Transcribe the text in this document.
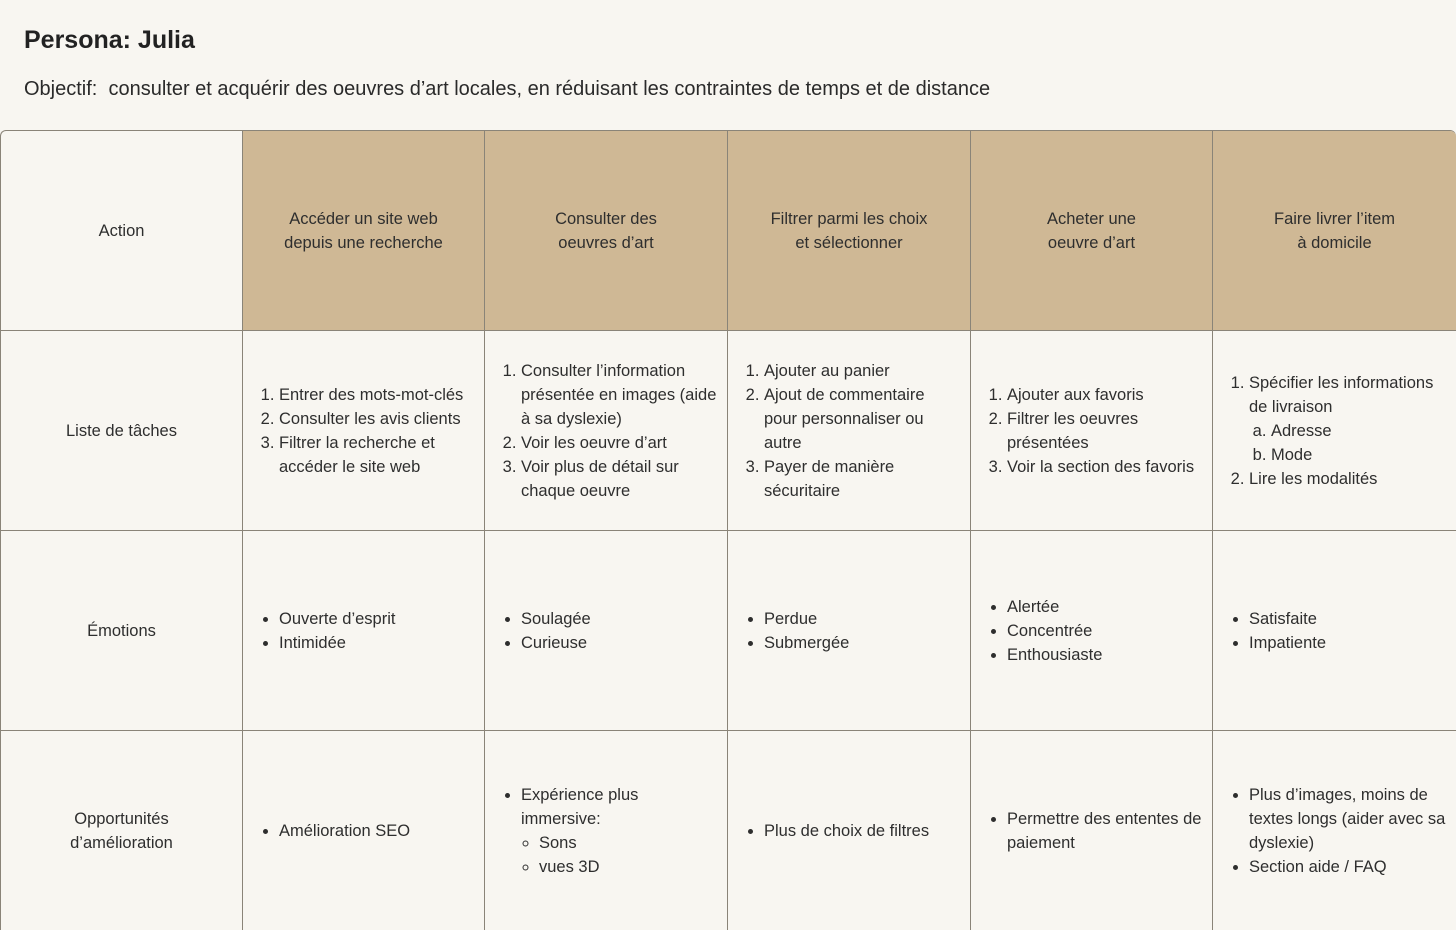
Persona: Julia
Objectif:  consulter et acquérir des oeuvres d’art locales, en réduisant les contraintes de temps et de distance
Action
Accéder un site web
depuis une recherche
Consulter des
oeuvres d’art
Filtrer parmi les choix
et sélectionner
Acheter une
oeuvre d’art
Faire livrer l’item
à domicile
Liste de tâches
1. Entrer des mots-mot-clés
2. Consulter les avis clients
3. Filtrer la recherche et accéder le site web
1. Consulter l’information présentée en images (aide à sa dyslexie)
2. Voir les oeuvre d’art
3. Voir plus de détail sur chaque oeuvre
1. Ajouter au panier
2. Ajout de commentaire pour personnaliser ou autre
3. Payer de manière sécuritaire
1. Ajouter aux favoris
2. Filtrer les oeuvres présentées
3. Voir la section des favoris
1. Spécifier les informations de livraison
a. Adresse
b. Mode
2. Lire les modalités
Émotions
• Ouverte d’esprit
• Intimidée
• Soulagée
• Curieuse
• Perdue
• Submergée
• Alertée
• Concentrée
• Enthousiaste
• Satisfaite
• Impatiente
Opportunités
d’amélioration
• Amélioration SEO
• Expérience plus immersive:
◦ Sons
◦ vues 3D
• Plus de choix de filtres
• Permettre des ententes de paiement
• Plus d’images, moins de textes longs (aider avec sa dyslexie)
• Section aide / FAQ
